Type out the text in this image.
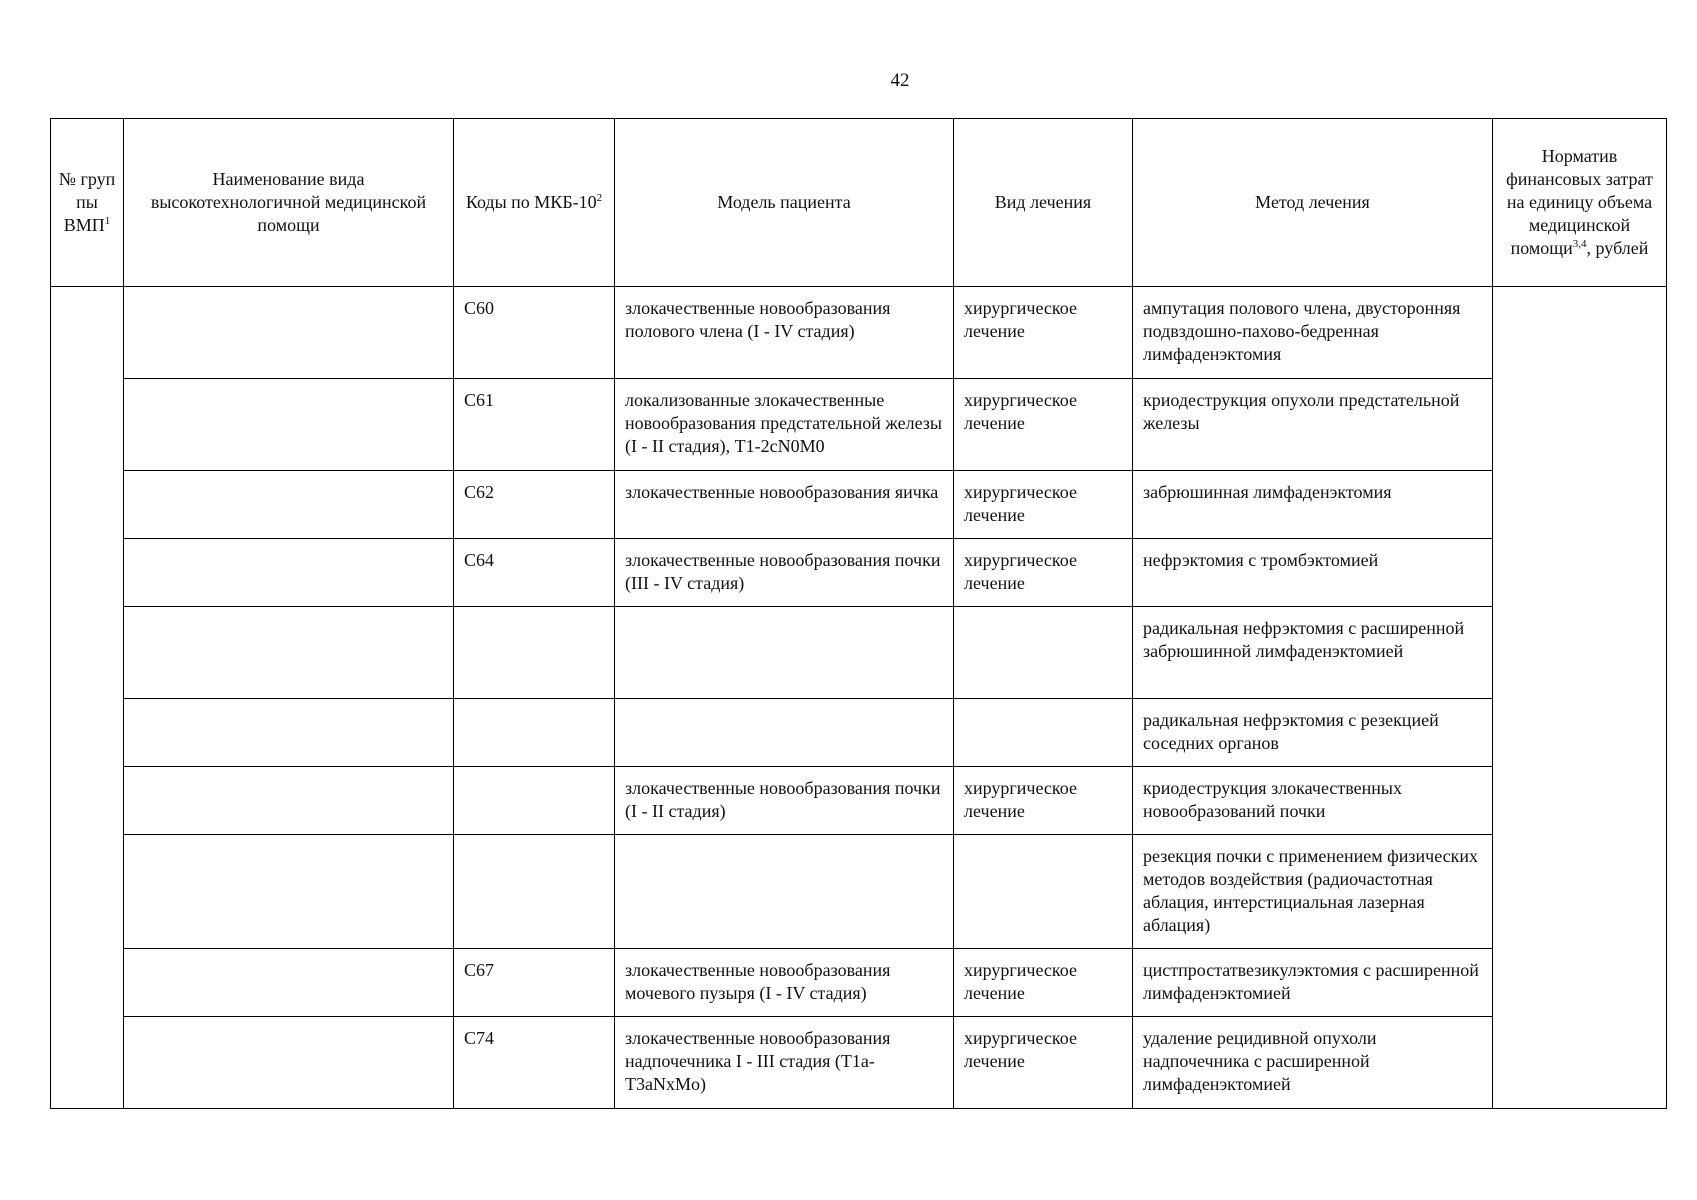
42
№ груп пы ВМП$^1$	Наименование вида высокотехнологичной медицинской помощи	Коды по МКБ-$10^2$	Модель пациента	Вид лечения	Метод лечения	Норматив финансовых затрат на единицу объема медицинской помощи$^{3,4}$, рублей
		С60	злокачественные новообразования полового члена (I - IV стадия)	хирургическое лечение	ампутация полового члена, двусторонняя подвздошно-пахово-бедренная лимфаденэктомия	
		С61	локализованные злокачественные новообразования предстательной железы (I - II стадия), T1-2cN0M0	хирургическое лечение	криодеструкция опухоли предстательной железы	
		С62	злокачественные новообразования яичка	хирургическое лечение	забрюшинная лимфаденэктомия	
		С64	злокачественные новообразования почки (III - IV стадия)	хирургическое лечение	нефрэктомия с тромбэктомией	
					радикальная нефрэктомия с расширенной забрюшинной лимфаденэктомией	
					радикальная нефрэктомия с резекцией соседних органов	
			злокачественные новообразования почки (I - II стадия)	хирургическое лечение	криодеструкция злокачественных новообразований почки	
					резекция почки с применением физических методов воздействия (радиочастотная аблация, интерстициальная лазерная аблация)	
		С67	злокачественные новообразования мочевого пузыря (I - IV стадия)	хирургическое лечение	цистпростатвезикулэктомия с расширенной лимфаденэктомией	
		С74	злокачественные новообразования надпочечника I - III стадия (T1a-T3aNxMo)	хирургическое лечение	удаление рецидивной опухоли надпочечника с расширенной лимфаденэктомией	
